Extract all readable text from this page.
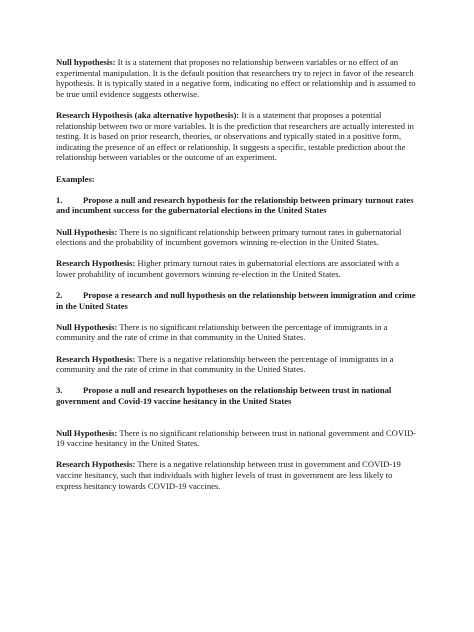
Null hypothesis: It is a statement that proposes no relationship between variables or no effect of an experimental manipulation. It is the default position that researchers try to reject in favor of the research hypothesis. It is typically stated in a negative form, indicating no effect or relationship and is assumed to be true until evidence suggests otherwise.

Research Hypothesis (aka alternative hypothesis): It is a statement that proposes a potential relationship between two or more variables. It is the prediction that researchers are actually interested in testing. It is based on prior research, theories, or observations and typically stated in a positive form, indicating the presence of an effect or relationship. It suggests a specific, testable prediction about the relationship between variables or the outcome of an experiment.

Examples:

1. Propose a null and research hypothesis for the relationship between primary turnout rates and incumbent success for the gubernatorial elections in the United States

Null Hypothesis: There is no significant relationship between primary turnout rates in gubernatorial elections and the probability of incumbent governors winning re-election in the United States.

Research Hypothesis: Higher primary turnout rates in gubernatorial elections are associated with a lower probability of incumbent governors winning re-election in the United States.

2. Propose a research and null hypothesis on the relationship between immigration and crime in the United States

Null Hypothesis: There is no significant relationship between the percentage of immigrants in a community and the rate of crime in that community in the United States.

Research Hypothesis: There is a negative relationship between the percentage of immigrants in a community and the rate of crime in that community in the United States.

3. Propose a null and research hypotheses on the relationship between trust in national government and Covid-19 vaccine hesitancy in the United States

Null Hypothesis: There is no significant relationship between trust in national government and COVID-19 vaccine hesitancy in the United States.

Research Hypothesis: There is a negative relationship between trust in government and COVID-19 vaccine hesitancy, such that individuals with higher levels of trust in government are less likely to express hesitancy towards COVID-19 vaccines.
